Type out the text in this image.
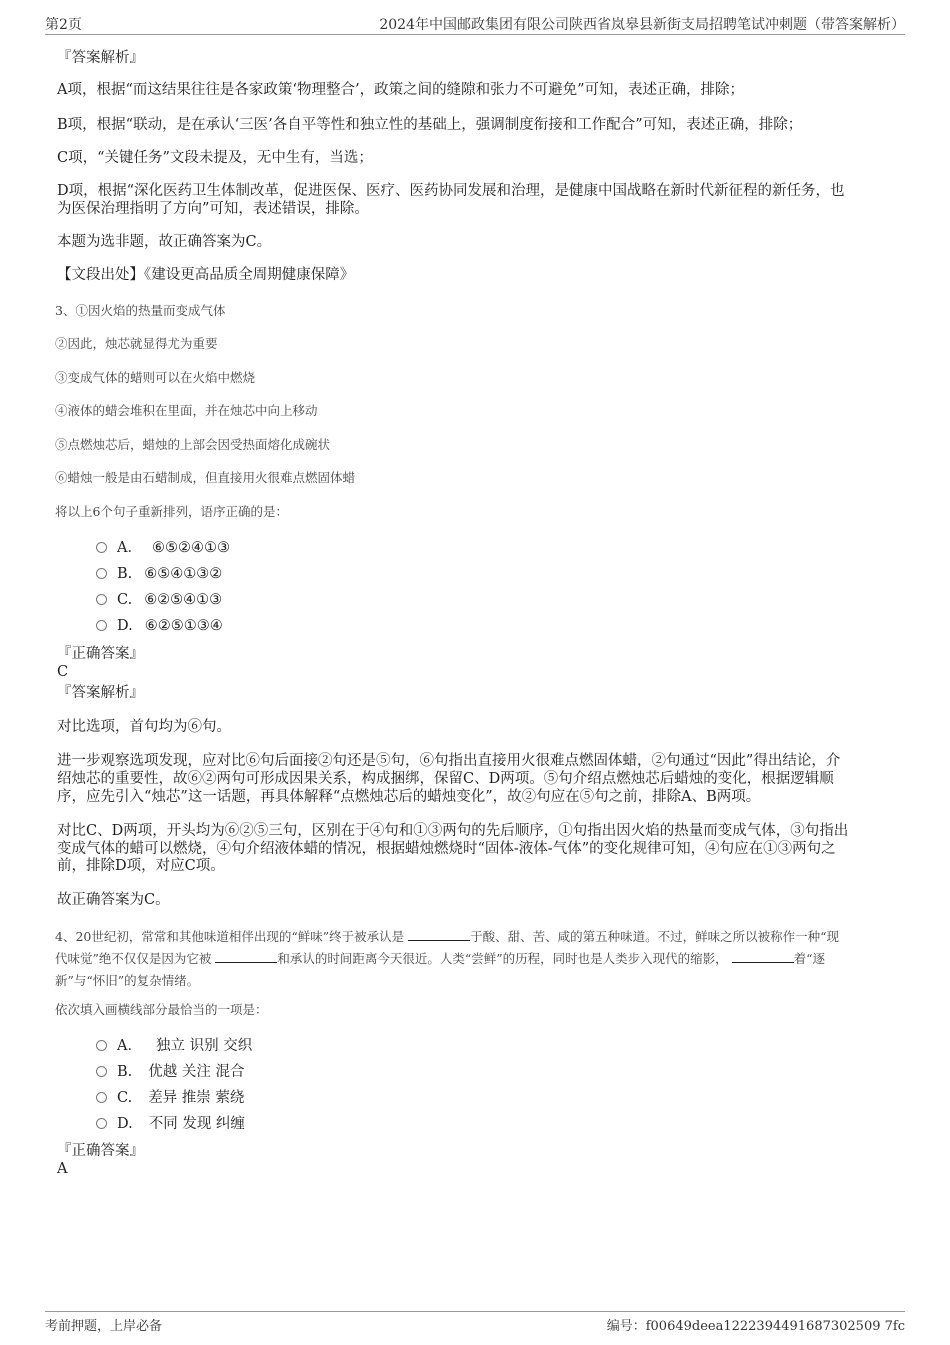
第2页	2024年中国邮政集团有限公司陕西省岚皋县新街支局招聘笔试冲刺题（带答案解析）
『答案解析』
A项，根据“而这结果往往是各家政策‘物理整合’，政策之间的缝隙和张力不可避免”可知，表述正确，排除；
B项，根据“联动，是在承认‘三医’各自平等性和独立性的基础上，强调制度衔接和工作配合”可知，表述正确，排除；
C项，“关键任务”文段未提及，无中生有，当选；
D项，根据“深化医药卫生体制改革，促进医保、医疗、医药协同发展和治理，是健康中国战略在新时代新征程的新任务，也
为医保治理指明了方向”可知，表述错误，排除。
本题为选非题，故正确答案为C。
【文段出处】《建设更高品质全周期健康保障》
3、①因火焰的热量而变成气体
②因此，烛芯就显得尤为重要
③变成气体的蜡则可以在火焰中燃烧
④液体的蜡会堆积在里面，并在烛芯中向上移动
⑤点燃烛芯后，蜡烛的上部会因受热面熔化成碗状
⑥蜡烛一般是由石蜡制成，但直接用火很难点燃固体蜡
将以上6个句子重新排列，语序正确的是：
A． ⑥⑤②④①③
B. ⑥⑤④①③②
C. ⑥②⑤④①③
D. ⑥②⑤①③④
『正确答案』
C
『答案解析』
对比选项，首句均为⑥句。
进一步观察选项发现，应对比⑥句后面接②句还是⑤句，⑥句指出直接用火很难点燃固体蜡，②句通过“因此”得出结论，介
绍烛芯的重要性，故⑥②两句可形成因果关系，构成捆绑，保留C、D两项。⑤句介绍点燃烛芯后蜡烛的变化，根据逻辑顺
序，应先引入“烛芯”这一话题，再具体解释“点燃烛芯后的蜡烛变化”，故②句应在⑤句之前，排除A、B两项。
对比C、D两项，开头均为⑥②⑤三句，区别在于④句和①③两句的先后顺序，①句指出因火焰的热量而变成气体，③句指出
变成气体的蜡可以燃烧，④句介绍液体蜡的情况，根据蜡烛燃烧时“固体-液体-气体”的变化规律可知，④句应在①③两句之
前，排除D项，对应C项。
故正确答案为C。
4、20世纪初，常常和其他味道相伴出现的“鲜味”终于被承认是	于酸、甜、苦、咸的第五种味道。不过，鲜味之所以被称作一种“现
代味觉”绝不仅仅是因为它被	和承认的时间距离今天很近。人类“尝鲜”的历程，同时也是人类步入现代的缩影，	着“逐
新”与“怀旧”的复杂情绪。
依次填入画横线部分最恰当的一项是：
A． 独立 识别 交织
B. 优越 关注 混合
C. 差异 推崇 萦绕
D. 不同 发现 纠缠
『正确答案』
A
考前押题，上岸必备	编号：f00649deea1222394491687302509 7fc
